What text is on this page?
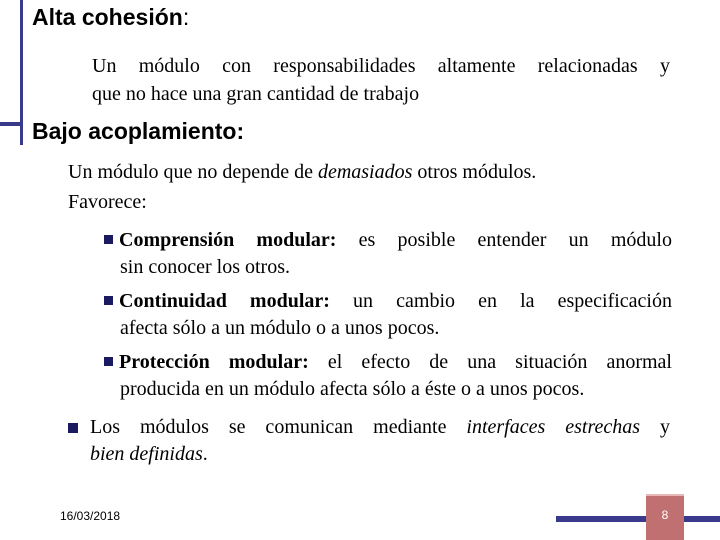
Alta cohesión:
Un módulo con responsabilidades altamente relacionadas y
que no hace una gran cantidad de trabajo
Bajo acoplamiento:
Un módulo que no depende de demasiados otros módulos.
Favorece:
Comprensión modular: es posible entender un módulo
sin conocer los otros.
Continuidad modular: un cambio en la especificación
afecta sólo a un módulo o a unos pocos.
Protección modular: el efecto de una situación anormal
producida en un módulo afecta sólo a éste o a unos pocos.
Los módulos se comunican mediante interfaces estrechas y
bien definidas.
16/03/2018	8
